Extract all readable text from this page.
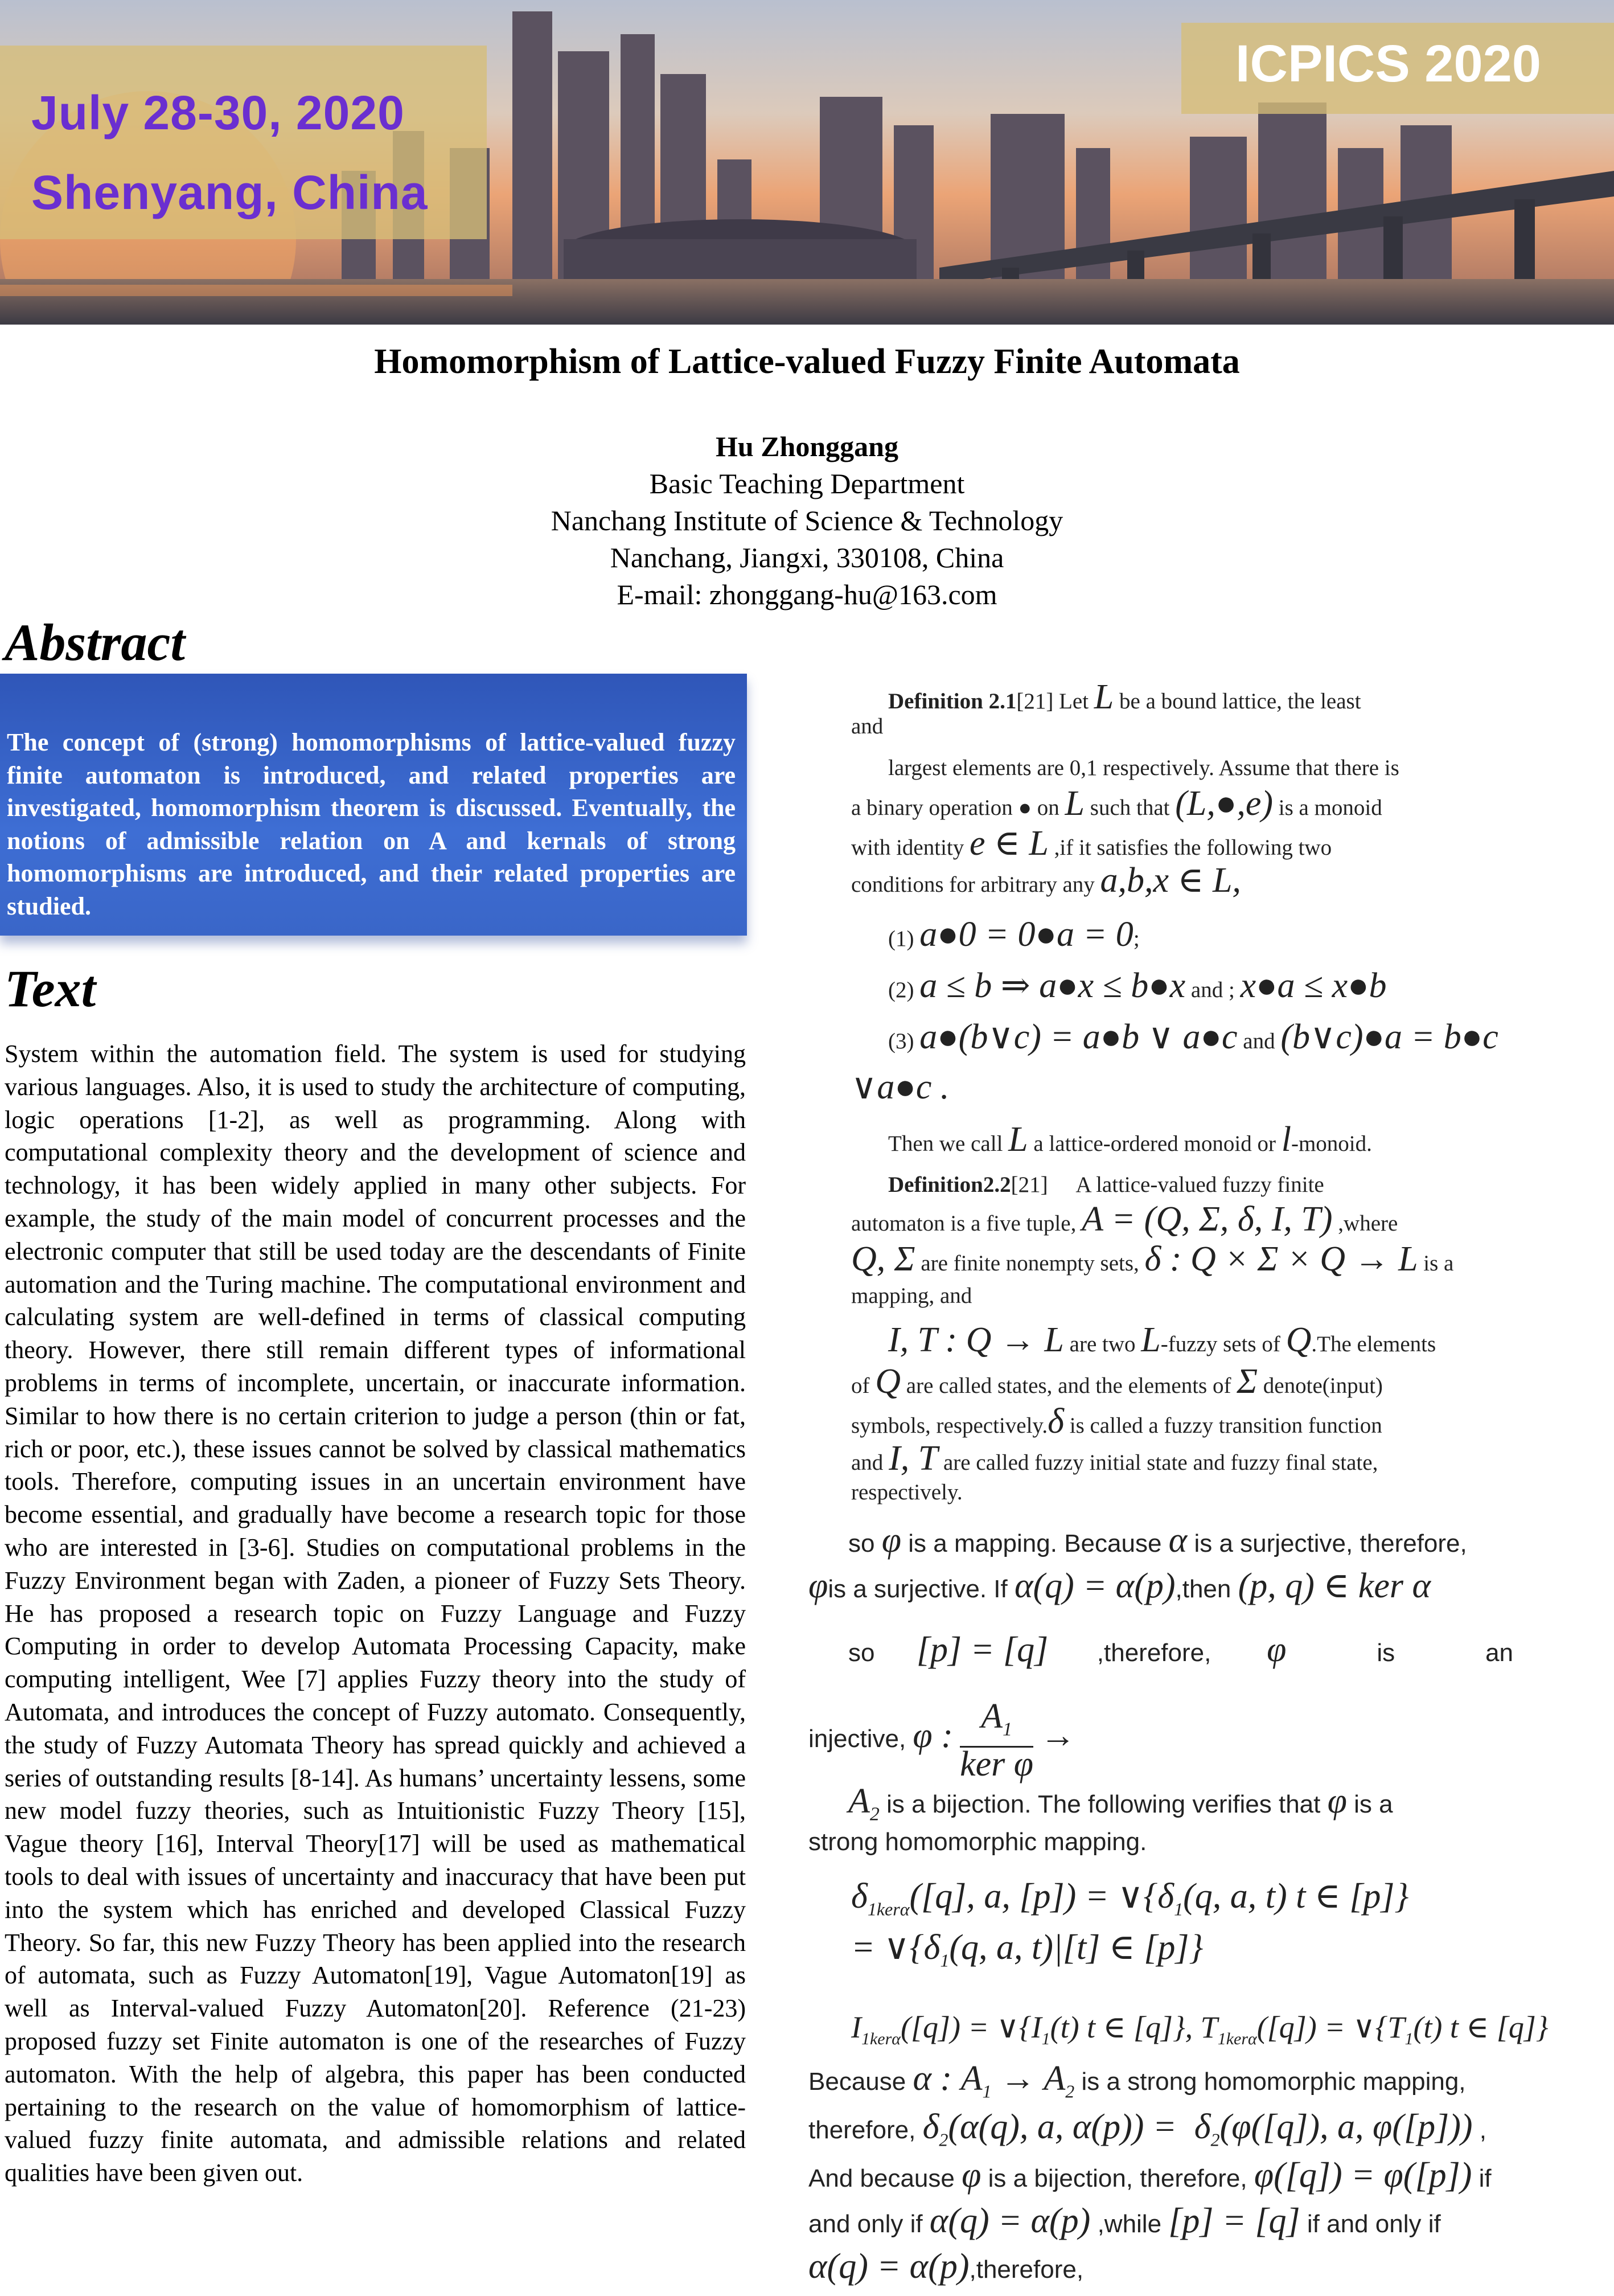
July 28-30, 2020
Shenyang, China
ICPICS 2020
Homomorphism of Lattice-valued Fuzzy Finite Automata
Hu Zhonggang
Basic Teaching Department
Nanchang Institute of Science & Technology
Nanchang, Jiangxi, 330108, China
E-mail: zhonggang-hu@163.com
Abstract
The concept of (strong) homomorphisms of lattice-valued fuzzy finite automaton is introduced, and related properties are investigated, homomorphism theorem is discussed. Eventually, the notions of admissible relation on A and kernals of strong homomorphisms are introduced, and their related properties are studied.
Text
System within the automation field. The system is used for studying various languages. Also, it is used to study the architecture of computing, logic operations [1-2], as well as programming. Along with computational complexity theory and the development of science and technology, it has been widely applied in many other subjects. For example, the study of the main model of concurrent processes and the electronic computer that still be used today are the descendants of Finite automation and the Turing machine. The computational environment and calculating system are well-defined in terms of classical computing theory. However, there still remain different types of informational problems in terms of incomplete, uncertain, or inaccurate information. Similar to how there is no certain criterion to judge a person (thin or fat, rich or poor, etc.), these issues cannot be solved by classical mathematics tools. Therefore, computing issues in an uncertain environment have become essential, and gradually have become a research topic for those who are interested in [3-6]. Studies on computational problems in the Fuzzy Environment began with Zaden, a pioneer of Fuzzy Sets Theory. He has proposed a research topic on Fuzzy Language and Fuzzy Computing in order to develop Automata Processing Capacity, make computing intelligent, Wee [7] applies Fuzzy theory into the study of Automata, and introduces the concept of Fuzzy automato. Consequently, the study of Fuzzy Automata Theory has spread quickly and achieved a series of outstanding results [8-14]. As humans’ uncertainty lessens, some new model fuzzy theories, such as Intuitionistic Fuzzy Theory [15], Vague theory [16], Interval Theory[17] will be used as mathematical tools to deal with issues of uncertainty and inaccuracy that have been put into the system which has enriched and developed Classical Fuzzy Theory. So far, this new Fuzzy Theory has been applied into the research of automata, such as Fuzzy Automaton[19], Vague Automaton[19] as well as Interval-valued Fuzzy Automaton[20]. Reference (21-23) proposed fuzzy set Finite automaton is one of the researches of Fuzzy automaton. With the help of algebra, this paper has been conducted pertaining to the research on the value of homomorphism of lattice-valued fuzzy finite automata, and admissible relations and related qualities have been given out.
Definition 2.1[21] Let L be a bound lattice, the least
and
largest elements are 0,1 respectively. Assume that there is
a binary operation ● on L such that (L,●,e) is a monoid
with identity e ∈ L ,if it satisfies the following two
conditions for arbitrary any a,b,x ∈ L,
(1) a●0 = 0●a = 0;
(2) a ≤ b ⇒ a●x ≤ b●x and ; x●a ≤ x●b
(3) a●(b∨c) = a●b ∨ a●c and (b∨c)●a = b●c
∨a●c .
Then we call L a lattice-ordered monoid or l-monoid.
Definition2.2[21] A lattice-valued fuzzy finite
automaton is a five tuple, A = (Q, Σ, δ, I, T) ,where
Q, Σ are finite nonempty sets, δ : Q × Σ × Q → L is a
mapping, and
I, T : Q → L are two L-fuzzy sets of Q.The elements
of Q are called states, and the elements of Σ denote(input)
symbols, respectively.δ is called a fuzzy transition function
and I, T are called fuzzy initial state and fuzzy final state,
respectively.
so φ is a mapping. Because α is a surjective, therefore,
φis a surjective. If α(q) = α(p),then (p, q) ∈ ker α
so [p] = [q] ,therefore, φ	is	an
injective, φ : $A_1$
ker φ
→
$A_2$ is a bijection. The following verifies that φ is a
strong homomorphic mapping.
$\delta_{1ker\alpha}([q]$, a, $[p]) = \vee\{\delta_1(q$, a, t) t ∈ [p]}
= $\vee\{\delta_1(q$, a, t)|[t] ∈ [p]}
$I_{1ker\alpha}([q])$ = $\vee\{I_1(t)$ t ∈ [q]}, $T_{1ker\alpha}([q])$ = $\vee\{T_1(t)$ t ∈ [q]}
Because α : $A_1 \to A_2$ is a strong homomorphic mapping,
therefore, $\delta_2(\alpha(q)$, a, $\alpha(p)) = \delta_2(\varphi([q])$, a, φ([p])) ,
And because φ is a bijection, therefore, φ([q]) = φ([p]) if
and only if α(q) = α(p) ,while [p] = [q] if and only if
α(q) = α(p),therefore,
